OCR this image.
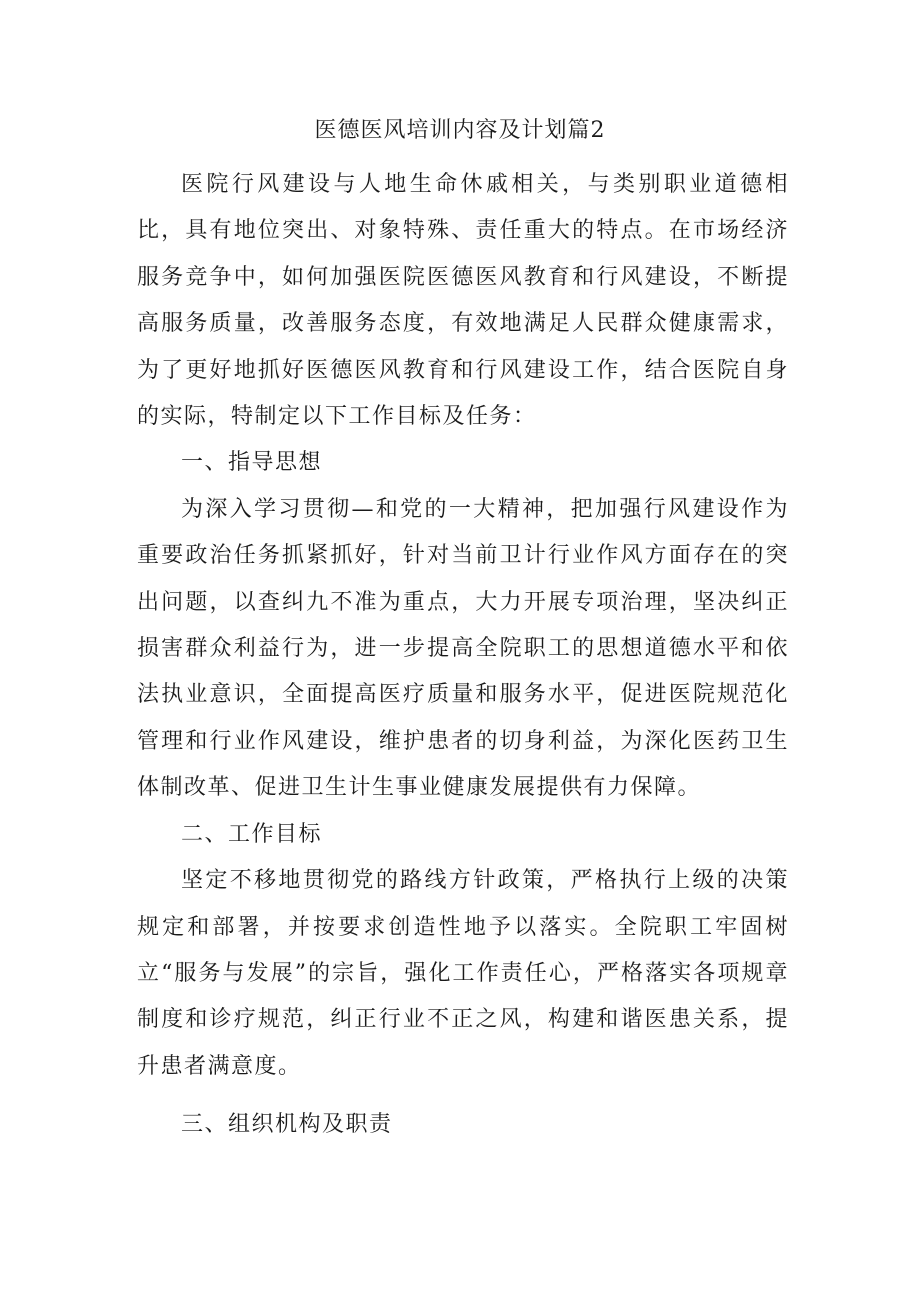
医德医风培训内容及计划篇2

医院行风建设与人地生命休戚相关，与类别职业道德相比，具有地位突出、对象特殊、责任重大的特点。在市场经济服务竞争中，如何加强医院医德医风教育和行风建设，不断提高服务质量，改善服务态度，有效地满足人民群众健康需求，为了更好地抓好医德医风教育和行风建设工作，结合医院自身的实际，特制定以下工作目标及任务：

一、指导思想

为深入学习贯彻—和党的一大精神，把加强行风建设作为重要政治任务抓紧抓好，针对当前卫计行业作风方面存在的突出问题，以查纠九不准为重点，大力开展专项治理，坚决纠正损害群众利益行为，进一步提高全院职工的思想道德水平和依法执业意识，全面提高医疗质量和服务水平，促进医院规范化管理和行业作风建设，维护患者的切身利益，为深化医药卫生体制改革、促进卫生计生事业健康发展提供有力保障。

二、工作目标

坚定不移地贯彻党的路线方针政策，严格执行上级的决策规定和部署，并按要求创造性地予以落实。全院职工牢固树立“服务与发展”的宗旨，强化工作责任心，严格落实各项规章制度和诊疗规范，纠正行业不正之风，构建和谐医患关系，提升患者满意度。

三、组织机构及职责
